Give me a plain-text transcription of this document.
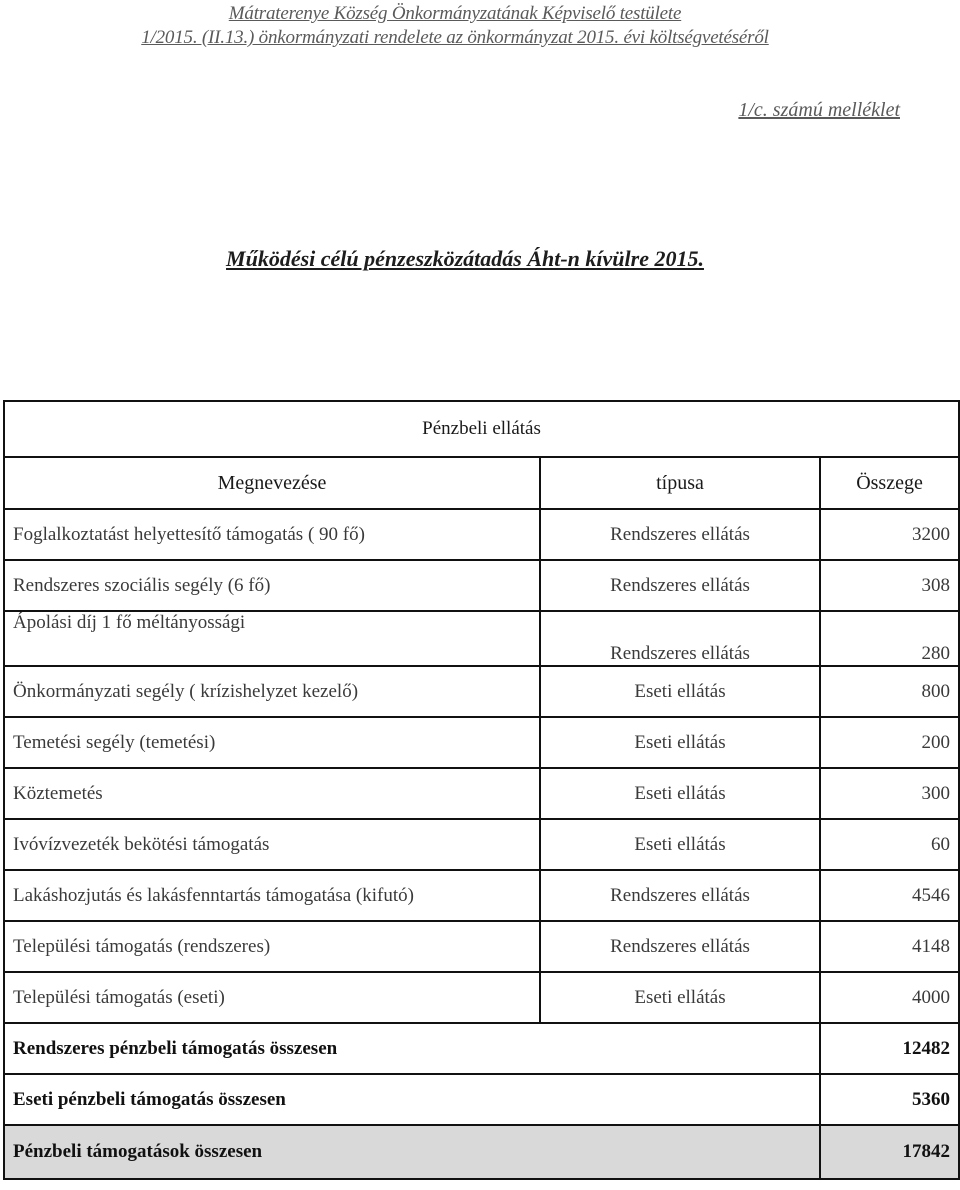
Mátraterenye Község Önkormányzatának Képviselő testülete
1/2015. (II.13.) önkormányzati rendelete az önkormányzat 2015. évi költségvetéséről
1/c. számú melléklet
Működési célú pénzeszközátadás Áht-n kívülre 2015.
Pénzbeli ellátás		
Megnevezése	típusa	Összege
Foglalkoztatást helyettesítő támogatás ( 90 fő)	Rendszeres ellátás	3200
Rendszeres szociális segély (6 fő)	Rendszeres ellátás	308
Ápolási díj 1 fő méltányossági	Rendszeres ellátás	280
Önkormányzati segély ( krízishelyzet kezelő)	Eseti ellátás	800
Temetési segély (temetési)	Eseti ellátás	200
Köztemetés	Eseti ellátás	300
Ivóvízvezeték bekötési támogatás	Eseti ellátás	60
Lakáshozjutás és lakásfenntartás támogatása (kifutó)	Rendszeres ellátás	4546
Települési támogatás (rendszeres)	Rendszeres ellátás	4148
Települési támogatás (eseti)	Eseti ellátás	4000
Rendszeres pénzbeli támogatás összesen		12482
Eseti pénzbeli támogatás összesen		5360
Pénzbeli támogatások összesen		17842
